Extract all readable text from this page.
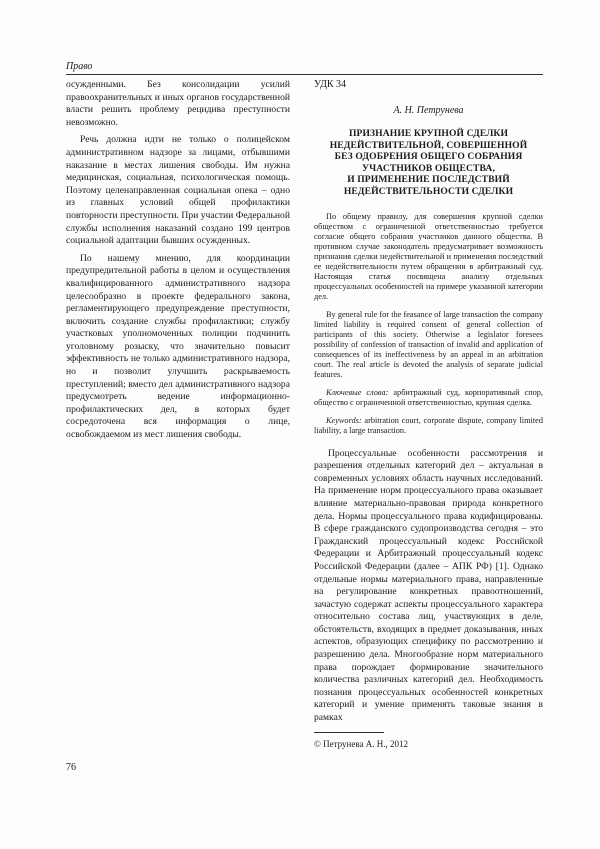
Право

осужденными. Без консолидации усилий правоохранительных и иных органов государственной власти решить проблему рецидива преступности невозможно.

Речь должна идти не только о полицейском административном надзоре за лицами, отбывшими наказание в местах лишения свободы. Им нужна медицинская, социальная, психологическая помощь. Поэтому целенаправленная социальная опека – одно из главных условий общей профилактики повторности преступности. При участии Федеральной службы исполнения наказаний создано 199 центров социальной адаптации бывших осужденных.

По нашему мнению, для координации предупредительной работы в целом и осуществления квалифицированного административного надзора целесообразно в проекте федерального закона, регламентирующего предупреждение преступности, включить создание службы профилактики; службу участковых уполномоченных полиции подчинить уголовному розыску, что значительно повысит эффективность не только административного надзора, но и позволит улучшить раскрываемость преступлений; вместо дел административного надзора предусмотреть ведение информационно-профилактических дел, в которых будет сосредоточена вся информация о лице, освобождаемом из мест лишения свободы.

УДК 34

А. Н. Петрунева

ПРИЗНАНИЕ КРУПНОЙ СДЕЛКИ
НЕДЕЙСТВИТЕЛЬНОЙ, СОВЕРШЕННОЙ
БЕЗ ОДОБРЕНИЯ ОБЩЕГО СОБРАНИЯ
УЧАСТНИКОВ ОБЩЕСТВА,
И ПРИМЕНЕНИЕ ПОСЛЕДСТВИЙ
НЕДЕЙСТВИТЕЛЬНОСТИ СДЕЛКИ

По общему правилу, для совершения крупной сделки обществом с ограниченной ответственностью требуется согласие общего собрания участников данного общества. В противном случае законодатель предусматривает возможность признания сделки недействительной и применения последствий ее недействительности путем обращения в арбитражный суд. Настоящая статья посвящена анализу отдельных процессуальных особенностей на примере указанной категории дел.

By general rule for the feasance of large transaction the company limited liability is required consent of general collection of participants of this society. Otherwise a legislator foresees possibility of confession of transaction of invalid and application of consequences of its ineffectiveness by an appeal in an arbitration court. The real article is devoted the analysis of separate judicial features.

Ключевые слова: арбитражный суд, корпоративный спор, общество с ограниченной ответственностью, крупная сделка.

Keywords: arbitration court, corporate dispute, company limited liability, a large transaction.

Процессуальные особенности рассмотрения и разрешения отдельных категорий дел – актуальная в современных условиях область научных исследований. На применение норм процессуального права оказывает влияние материально-правовая природа конкретного дела. Нормы процессуального права кодифицированы. В сфере гражданского судопроизводства сегодня – это Гражданский процессуальный кодекс Российской Федерации и Арбитражный процессуальный кодекс Российской Федерации (далее – АПК РФ) [1]. Однако отдельные нормы материального права, направленные на регулирование конкретных правоотношений, зачастую содержат аспекты процессуального характера относительно состава лиц, участвующих в деле, обстоятельств, входящих в предмет доказывания, иных аспектов, образующих специфику по рассмотрению и разрешению дела. Многообразие норм материального права порождает формирование значительного количества различных категорий дел. Необходимость познания процессуальных особенностей конкретных категорий и умение применять таковые знания в рамках

© Петрунева А. Н., 2012
76
